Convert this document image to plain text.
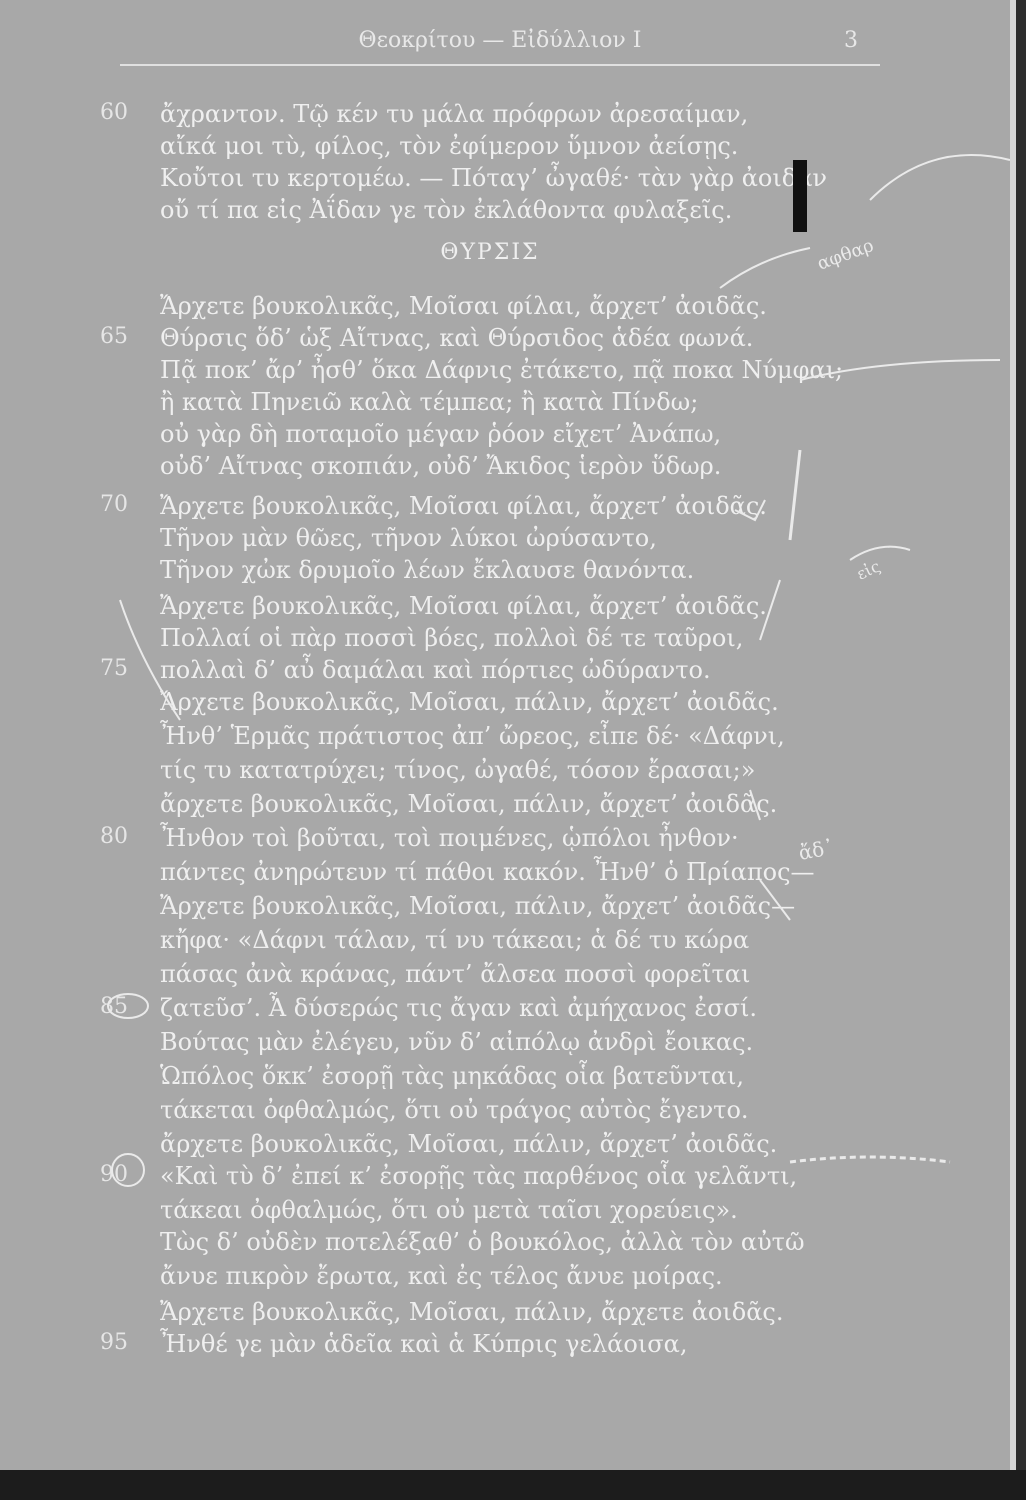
Θεοκρίτου — Εἰδύλλιον Ι	3
ΘΥΡΣΙΣ
60	ἄχραντον. Τῷ κέν τυ μάλα πρόφρων ἀρεσαίμαν,
αἴκά μοι τὺ, φίλος, τὸν ἐφίμερον ὕμνον ἀείσῃς.
Κοὔτοι τυ κερτομέω. — Πόταγ’ ὦγαθέ· τὰν γὰρ ἀοιδὰν
οὔ τί πα εἰς Ἀΐδαν γε τὸν ἐκλάθοντα φυλαξεῖς.
Ἄρχετε βουκολικᾶς, Μοῖσαι φίλαι, ἄρχετ’ ἀοιδᾶς.
65	Θύρσις ὅδ’ ὡξ Αἴτνας, καὶ Θύρσιδος ἁδέα φωνά.
Πᾷ ποκ’ ἄρ’ ἦσθ’ ὅκα Δάφνις ἐτάκετο, πᾷ ποκα Νύμφαι;
ἢ κατὰ Πηνειῶ καλὰ τέμπεα; ἢ κατὰ Πίνδω;
οὐ γὰρ δὴ ποταμοῖο μέγαν ῥόον εἴχετ’ Ἀνάπω,
οὐδ’ Αἴτνας σκοπιάν, οὐδ’ Ἄκιδος ἱερὸν ὕδωρ.
70	Ἄρχετε βουκολικᾶς, Μοῖσαι φίλαι, ἄρχετ’ ἀοιδᾶς.
Τῆνον μὰν θῶες, τῆνον λύκοι ὠρύσαντο,
Τῆνον χὠκ δρυμοῖο λέων ἔκλαυσε θανόντα.
Ἄρχετε βουκολικᾶς, Μοῖσαι φίλαι, ἄρχετ’ ἀοιδᾶς.
Πολλαί οἱ πὰρ ποσσὶ βόες, πολλοὶ δέ τε ταῦροι,
75	πολλαὶ δ’ αὖ δαμάλαι καὶ πόρτιες ὠδύραντο.
Ἄρχετε βουκολικᾶς, Μοῖσαι, πάλιν, ἄρχετ’ ἀοιδᾶς.
Ἦνθ’ Ἑρμᾶς πράτιστος ἀπ’ ὤρεος, εἶπε δέ· «Δάφνι,
τίς τυ κατατρύχει; τίνος, ὠγαθέ, τόσον ἔρασαι;»
ἄρχετε βουκολικᾶς, Μοῖσαι, πάλιν, ἄρχετ’ ἀοιδᾶς.
80	Ἦνθον τοὶ βοῦται, τοὶ ποιμένες, ᾡπόλοι ἦνθον·
πάντες ἀνηρώτευν τί πάθοι κακόν. Ἦνθ’ ὁ Πρίαπος—
Ἄρχετε βουκολικᾶς, Μοῖσαι, πάλιν, ἄρχετ’ ἀοιδᾶς—
κἤφα· «Δάφνι τάλαν, τί νυ τάκεαι; ἁ δέ τυ κώρα
πάσας ἀνὰ κράνας, πάντ’ ἄλσεα ποσσὶ φορεῖται
85	ζατεῦσ’. Ἆ δύσερώς τις ἄγαν καὶ ἀμήχανος ἐσσί.
Βούτας μὰν ἐλέγευ, νῦν δ’ αἰπόλῳ ἀνδρὶ ἔοικας.
Ὡπόλος ὅκκ’ ἐσορῇ τὰς μηκάδας οἷα βατεῦνται,
τάκεται ὀφθαλμώς, ὅτι οὐ τράγος αὐτὸς ἔγεντο.
ἄρχετε βουκολικᾶς, Μοῖσαι, πάλιν, ἄρχετ’ ἀοιδᾶς.
90	«Καὶ τὺ δ’ ἐπεί κ’ ἐσορῇς τὰς παρθένος οἷα γελᾶντι,
τάκεαι ὀφθαλμώς, ὅτι οὐ μετὰ ταῖσι χορεύεις».
Τὼς δ’ οὐδὲν ποτελέξαθ’ ὁ βουκόλος, ἀλλὰ τὸν αὐτῶ
ἄνυε πικρὸν ἔρωτα, καὶ ἐς τέλος ἄνυε μοίρας.
Ἄρχετε βουκολικᾶς, Μοῖσαι, πάλιν, ἄρχετε ἀοιδᾶς.
95	Ἦνθέ γε μὰν ἁδεῖα καὶ ἁ Κύπρις γελάοισα,
αφθαρ
ἄδ᾽
εἰς
